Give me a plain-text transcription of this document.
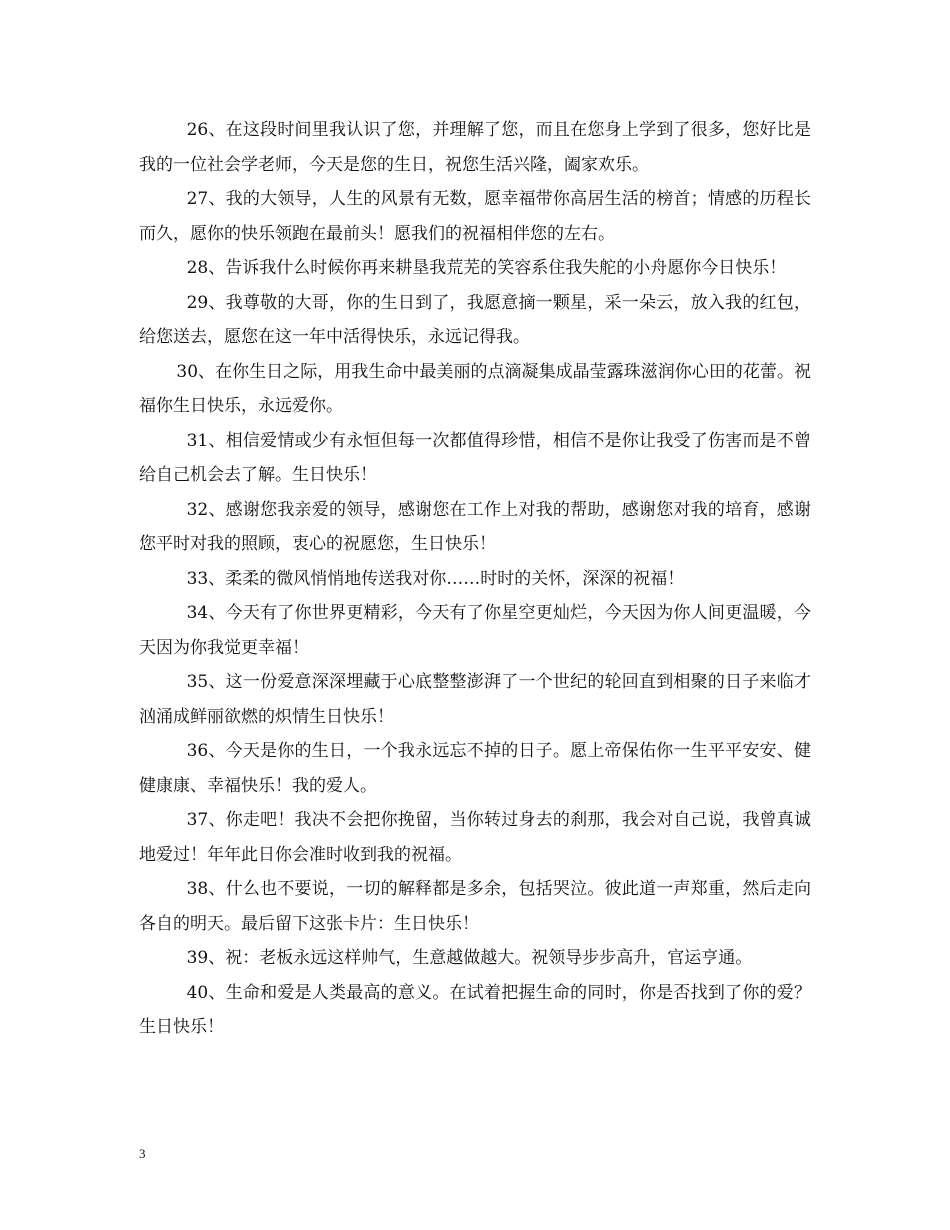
26、在这段时间里我认识了您，并理解了您，而且在您身上学到了很多，您好比是我的一位社会学老师，今天是您的生日，祝您生活兴隆，阖家欢乐。

27、我的大领导，人生的风景有无数，愿幸福带你高居生活的榜首；情感的历程长而久，愿你的快乐领跑在最前头！愿我们的祝福相伴您的左右。

28、告诉我什么时候你再来耕垦我荒芜的笑容系住我失舵的小舟愿你今日快乐！

29、我尊敬的大哥，你的生日到了，我愿意摘一颗星，采一朵云，放入我的红包，给您送去，愿您在这一年中活得快乐，永远记得我。

30、在你生日之际，用我生命中最美丽的点滴凝集成晶莹露珠滋润你心田的花蕾。祝福你生日快乐，永远爱你。

31、相信爱情或少有永恒但每一次都值得珍惜，相信不是你让我受了伤害而是不曾给自己机会去了解。生日快乐！

32、感谢您我亲爱的领导，感谢您在工作上对我的帮助，感谢您对我的培育，感谢您平时对我的照顾，衷心的祝愿您，生日快乐！

33、柔柔的微风悄悄地传送我对你……时时的关怀，深深的祝福！

34、今天有了你世界更精彩，今天有了你星空更灿烂，今天因为你人间更温暖，今天因为你我觉更幸福！

35、这一份爱意深深埋藏于心底整整澎湃了一个世纪的轮回直到相聚的日子来临才汹涌成鲜丽欲燃的炽情生日快乐！

36、今天是你的生日，一个我永远忘不掉的日子。愿上帝保佑你一生平平安安、健健康康、幸福快乐！我的爱人。

37、你走吧！我决不会把你挽留，当你转过身去的刹那，我会对自己说，我曾真诚地爱过！年年此日你会准时收到我的祝福。

38、什么也不要说，一切的解释都是多余，包括哭泣。彼此道一声郑重，然后走向各自的明天。最后留下这张卡片：生日快乐！

39、祝：老板永远这样帅气，生意越做越大。祝领导步步高升，官运亨通。

40、生命和爱是人类最高的意义。在试着把握生命的同时，你是否找到了你的爱？生日快乐！

3
